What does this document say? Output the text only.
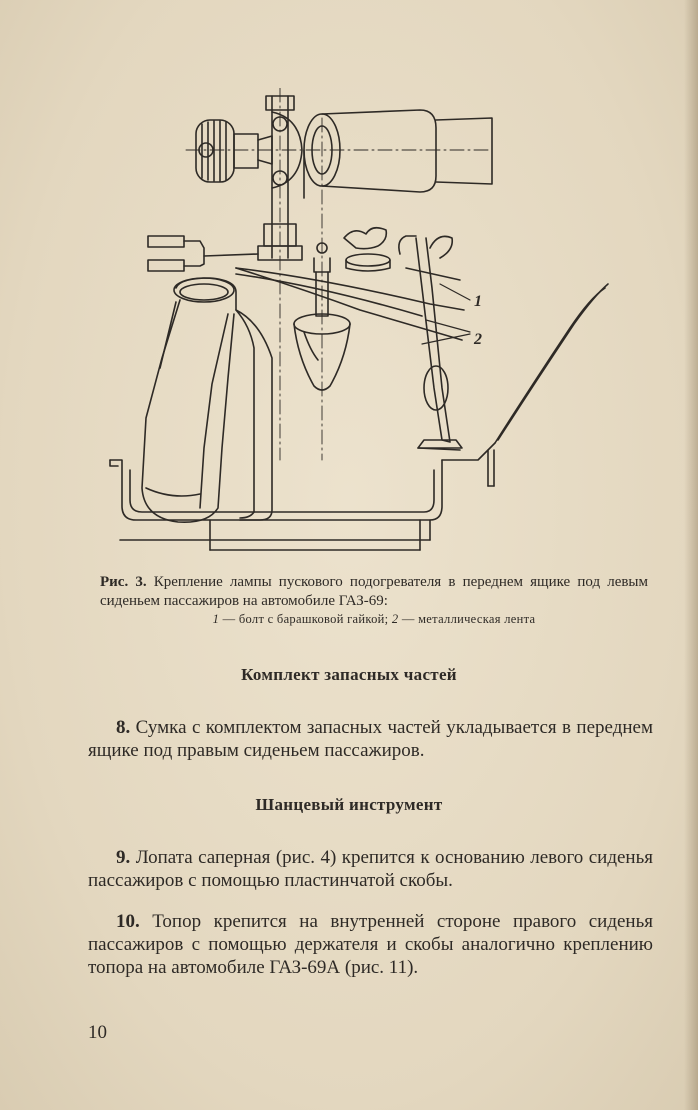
1
2
Рис. 3. Крепление лампы пускового подогревателя в переднем ящике под левым сиденьем пассажиров на автомобиле ГАЗ-69:
1 — болт с барашковой гайкой; 2 — металлическая лента
Комплект запасных частей

8. Сумка с комплектом запасных частей укладывается в переднем ящике под правым сиденьем пассажиров.

Шанцевый инструмент

9. Лопата саперная (рис. 4) крепится к основанию левого сиденья пассажиров с помощью пластинчатой скобы.

10. Топор крепится на внутренней стороне правого сиденья пассажиров с помощью держателя и скобы аналогично креплению топора на автомобиле ГАЗ-69А (рис. 11).

10
